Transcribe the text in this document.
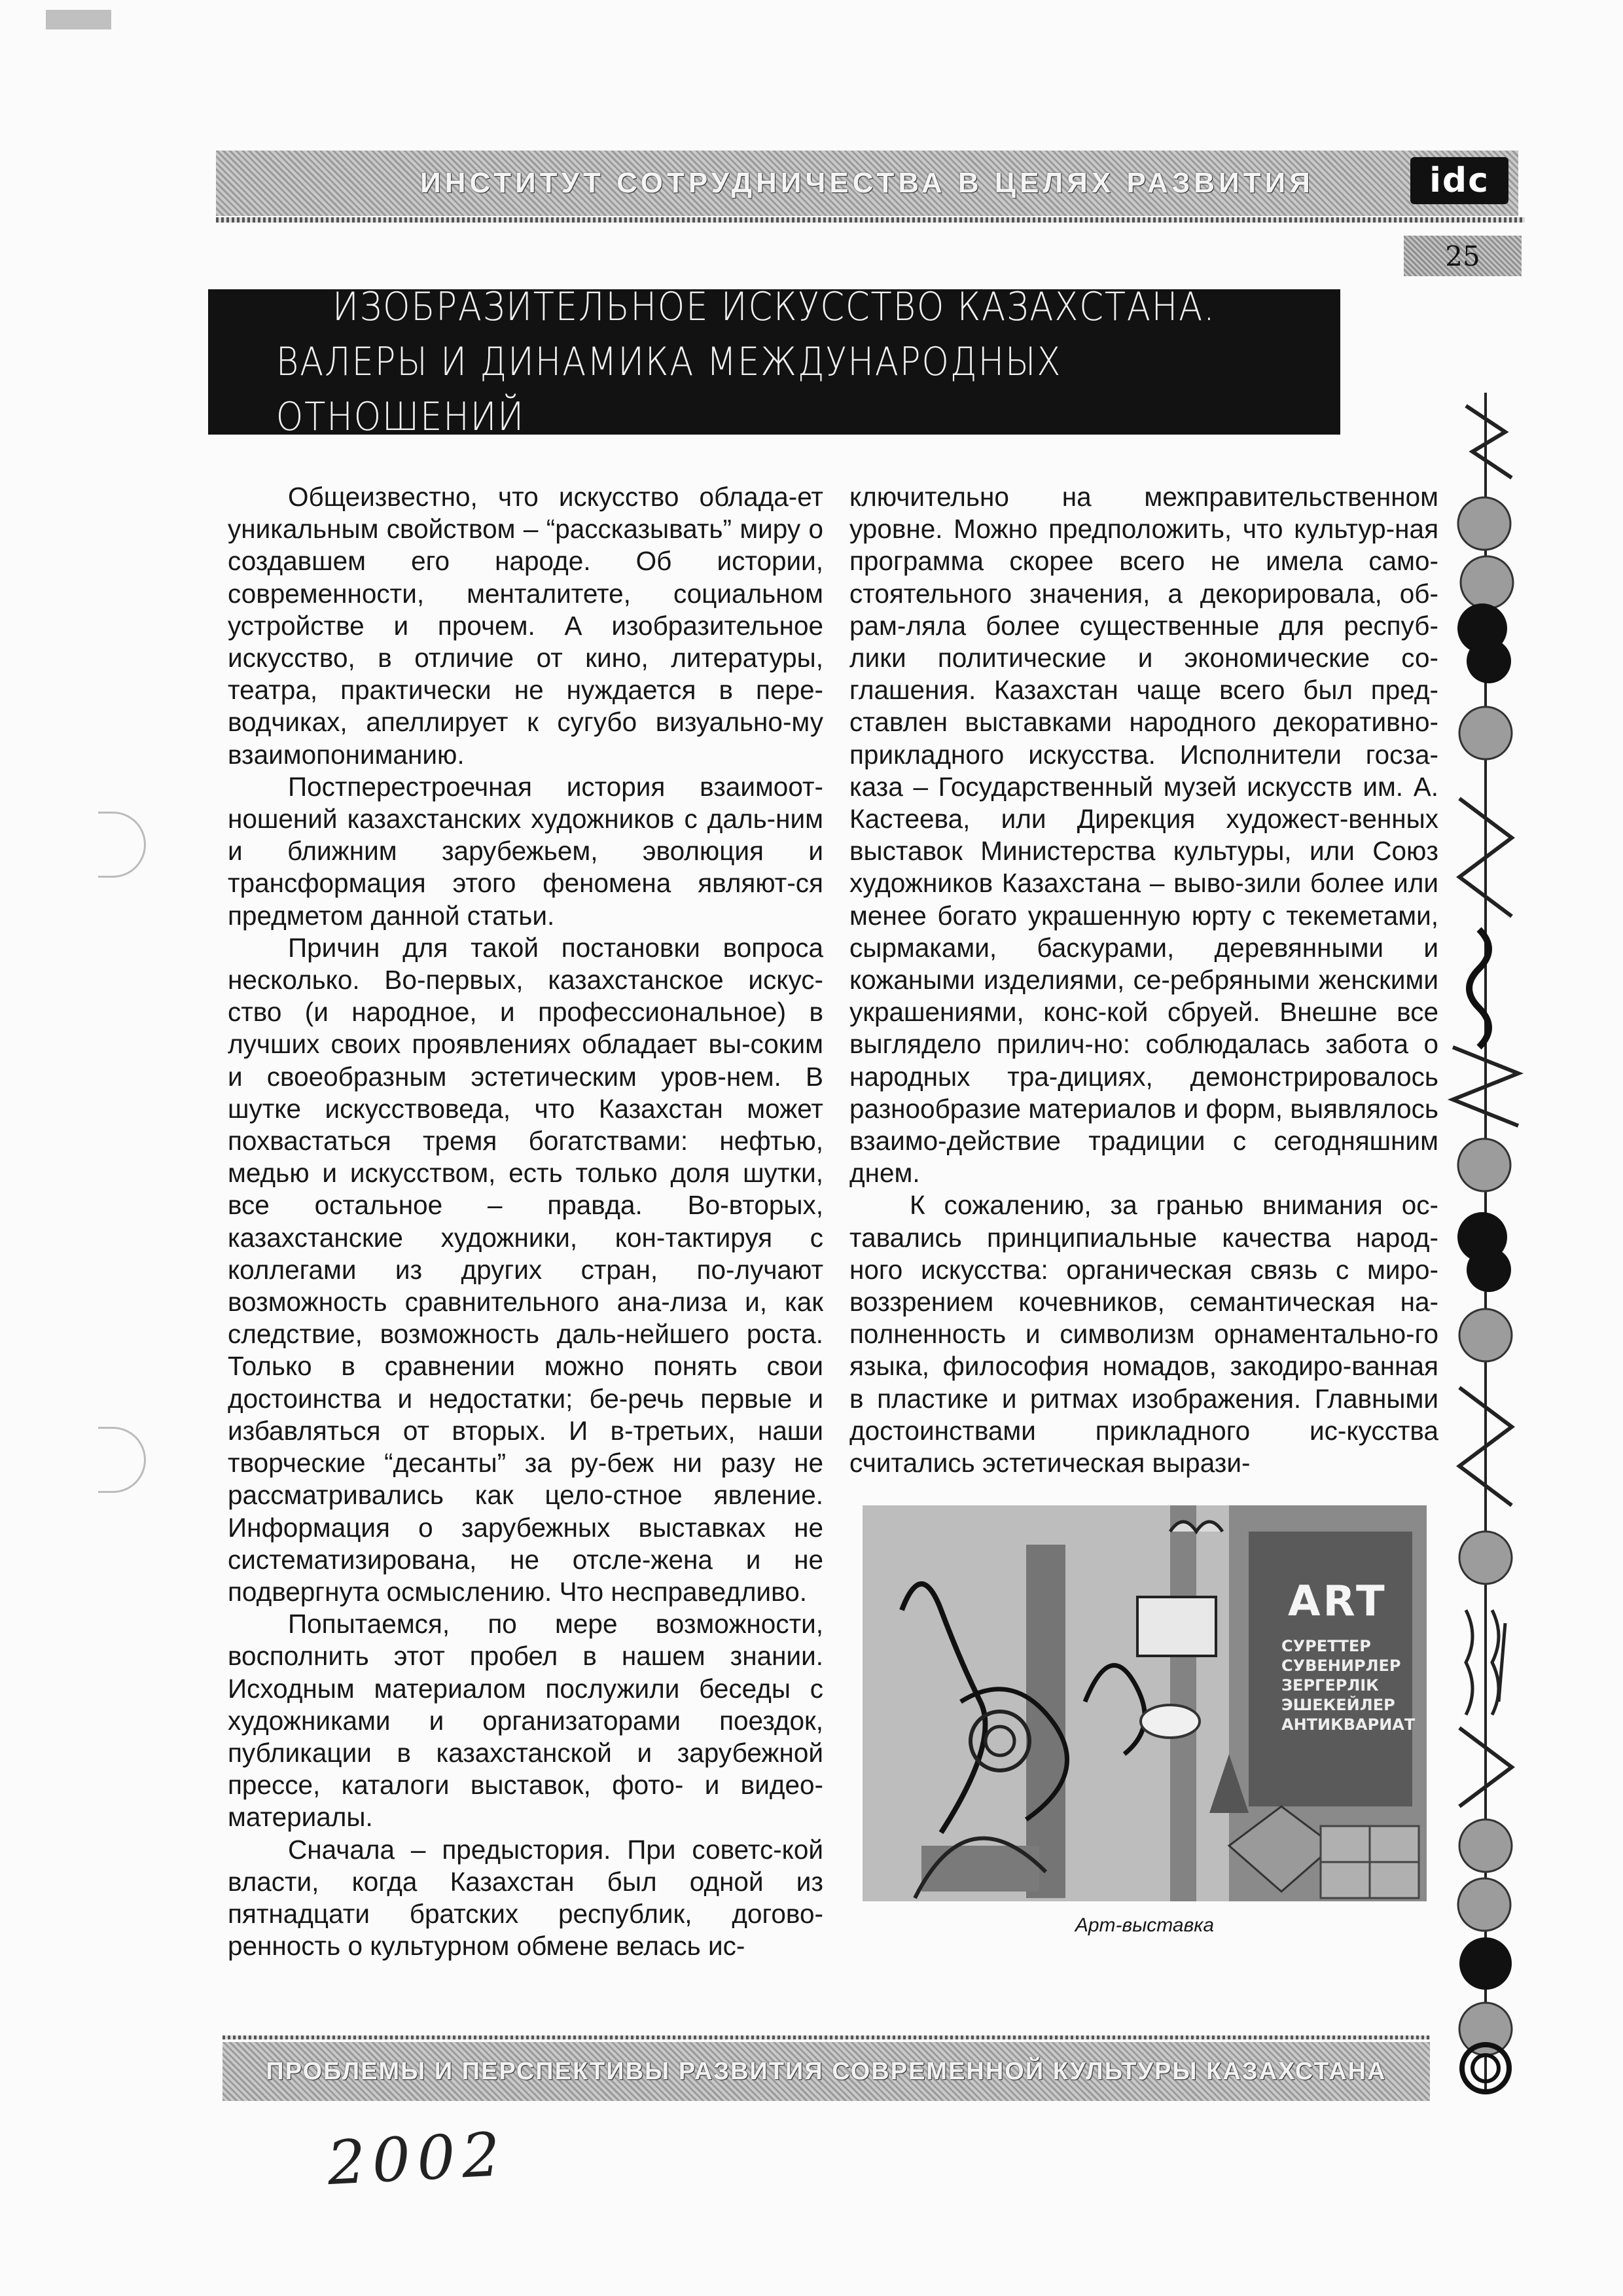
ИНСТИТУТ СОТРУДНИЧЕСТВА В ЦЕЛЯХ РАЗВИТИЯ	idc
25
ИЗОБРАЗИТЕЛЬНОЕ ИСКУССТВО КАЗАХСТАНА.
ВАЛЕРЫ И ДИНАМИКА МЕЖДУНАРОДНЫХ ОТНОШЕНИЙ

Общеизвестно, что искусство облада-ет уникальным свойством – “рассказывать” миру о создавшем его народе. Об истории, современности, менталитете, социальном устройстве и прочем. А изобразительное искусство, в отличие от кино, литературы, театра, практически не нуждается в пере-водчиках, апеллирует к сугубо визуально-му взаимопониманию.

Постперестроечная история взаимоот-ношений казахстанских художников с даль-ним и ближним зарубежьем, эволюция и трансформация этого феномена являют-ся предметом данной статьи.

Причин для такой постановки вопроса несколько. Во-первых, казахстанское искус-ство (и народное, и профессиональное) в лучших своих проявлениях обладает вы-соким и своеобразным эстетическим уров-нем. В шутке искусствоведа, что Казахстан может похвастаться тремя богатствами: нефтью, медью и искусством, есть только доля шутки, все остальное – правда. Во-вторых, казахстанские художники, кон-тактируя с коллегами из других стран, по-лучают возможность сравнительного ана-лиза и, как следствие, возможность даль-нейшего роста. Только в сравнении можно понять свои достоинства и недостатки; бе-речь первые и избавляться от вторых. И в-третьих, наши творческие “десанты” за ру-беж ни разу не рассматривались как цело-стное явление. Информация о зарубежных выставках не систематизирована, не отсле-жена и не подвергнута осмыслению. Что несправедливо.

Попытаемся, по мере возможности, восполнить этот пробел в нашем знании. Исходным материалом послужили беседы с художниками и организаторами поездок, публикации в казахстанской и зарубежной прессе, каталоги выставок, фото- и видео-материалы.

Сначала – предыстория. При советс-кой власти, когда Казахстан был одной из пятнадцати братских республик, догово-ренность о культурном обмене велась ис-

ключительно на межправительственном уровне. Можно предположить, что культур-ная программа скорее всего не имела само-стоятельного значения, а декорировала, об-рам-ляла более существенные для респуб-лики политические и экономические со-глашения. Казахстан чаще всего был пред-ставлен выставками народного декоративно-прикладного искусства. Исполнители госза-каза – Государственный музей искусств им. А. Кастеева, или Дирекция художест-венных выставок Министерства культуры, или Союз художников Казахстана – выво-зили более или менее богато украшенную юрту с текеметами, сырмаками, баскурами, деревянными и кожаными изделиями, се-ребряными женскими украшениями, конс-кой сбруей. Внешне все выглядело прилич-но: соблюдалась забота о народных тра-дициях, демонстрировалось разнообразие материалов и форм, выявлялось взаимо-действие традиции с сегодняшним днем.

К сожалению, за гранью внимания ос-тавались принципиальные качества народ-ного искусства: органическая связь с миро-воззрением кочевников, семантическая на-полненность и символизм орнаментально-го языка, философия номадов, закодиро-ванная в пластике и ритмах изображения. Главными достоинствами прикладного ис-кусства считались эстетическая вырази-

ART
СУРЕТТЕР СУВЕНИРЛЕР ЗЕРГЕРЛІК ЭШЕКЕЙЛЕР АНТИКВАРИАТ
Арт-выставка
ПРОБЛЕМЫ И ПЕРСПЕКТИВЫ РАЗВИТИЯ СОВРЕМЕННОЙ КУЛЬТУРЫ КАЗАХСТАНА
2002
